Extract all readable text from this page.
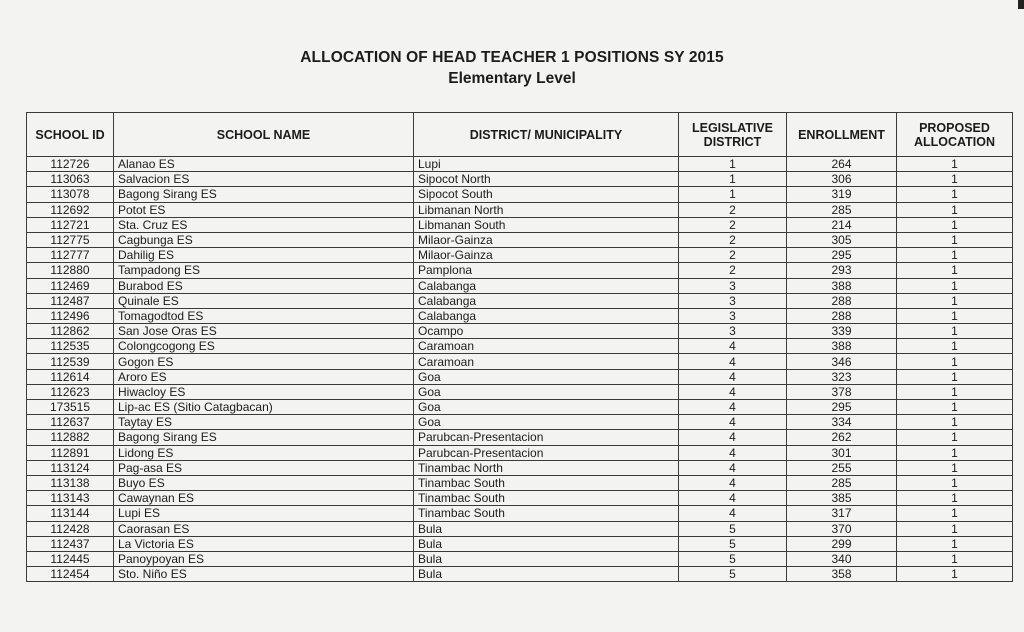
ALLOCATION OF HEAD TEACHER 1 POSITIONS SY 2015
Elementary Level
SCHOOL ID	SCHOOL NAME	DISTRICT/ MUNICIPALITY	LEGISLATIVE DISTRICT	ENROLLMENT	PROPOSED ALLOCATION
112726	Alanao ES	Lupi	1	264	1
113063	Salvacion ES	Sipocot North	1	306	1
113078	Bagong Sirang ES	Sipocot South	1	319	1
112692	Potot ES	Libmanan North	2	285	1
112721	Sta. Cruz ES	Libmanan South	2	214	1
112775	Cagbunga ES	Milaor-Gainza	2	305	1
112777	Dahilig ES	Milaor-Gainza	2	295	1
112880	Tampadong ES	Pamplona	2	293	1
112469	Burabod ES	Calabanga	3	388	1
112487	Quinale ES	Calabanga	3	288	1
112496	Tomagodtod ES	Calabanga	3	288	1
112862	San Jose Oras ES	Ocampo	3	339	1
112535	Colongcogong ES	Caramoan	4	388	1
112539	Gogon ES	Caramoan	4	346	1
112614	Aroro ES	Goa	4	323	1
112623	Hiwacloy ES	Goa	4	378	1
173515	Lip-ac ES (Sitio Catagbacan)	Goa	4	295	1
112637	Taytay ES	Goa	4	334	1
112882	Bagong Sirang ES	Parubcan-Presentacion	4	262	1
112891	Lidong ES	Parubcan-Presentacion	4	301	1
113124	Pag-asa ES	Tinambac North	4	255	1
113138	Buyo ES	Tinambac South	4	285	1
113143	Cawaynan ES	Tinambac South	4	385	1
113144	Lupi ES	Tinambac South	4	317	1
112428	Caorasan ES	Bula	5	370	1
112437	La Victoria ES	Bula	5	299	1
112445	Panoypoyan ES	Bula	5	340	1
112454	Sto. Niño ES	Bula	5	358	1
